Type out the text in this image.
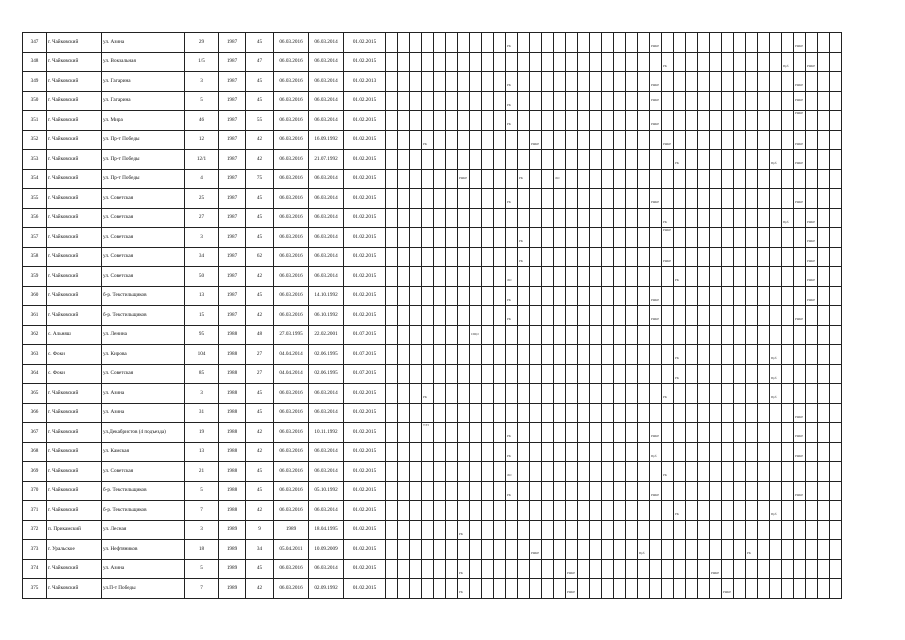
347	г. Чайковский	ул. Азина	29	1987	45	06.03.2016	06.03.2014	01.02.2015											РК												РФКР												РФКР			

348	г. Чайковский	ул. Вокзальная	1/5	1987	47	06.03.2016	06.03.2014	01.02.2015																								РК										Прб		РФКР		

349	г. Чайковский	ул. Гагарина	3	1987	45	06.03.2016	06.03.2014	01.02.2013											РК												РФКР												РФКР			

350	г. Чайковский	ул. Гагарина	5	1987	45	06.03.2016	06.03.2014	01.02.2015											РК												РФКР												РФКР			

351	г. Чайковский	ул. Мира	46	1987	55	06.03.2016	06.03.2014	01.02.2015											РК												РФКР												РФКР			

352	г. Чайковский	ул. Пр-т Победы	12	1987	42	06.03.2016	16.09.1992	01.02.2015				РК									РФКР											РФКР											РФКР			

353	г. Чайковский	ул. Пр-т Победы	12/1	1987	42	06.03.2016	21.07.1992	01.02.2015																									РК								Прб		РФКР			

354	г. Чайковский	ул. Пр-т Победы	4	1987	75	06.03.2016	06.03.2014	01.02.2015							РФКР					РК			ЛО																							

355	г. Чайковский	ул. Советская	25	1987	45	06.03.2016	06.03.2014	01.02.2015											РК												РФКР												РФКР			

356	г. Чайковский	ул. Советская	27	1987	45	06.03.2016	06.03.2014	01.02.2015																								РК										Прб		РФКР		

357	г. Чайковский	ул. Советская	3	1987	45	06.03.2016	06.03.2014	01.02.2015												РК												РФКР												РФКР		

358	г. Чайковский	ул. Советская	34	1987	62	06.03.2016	06.03.2014	01.02.2015												РК												РФКР												РФКР		

359	г. Чайковский	ул. Советская	50	1987	42	06.03.2016	06.03.2014	01.02.2015											ЛО														РК											РФКР		

360	г. Чайковский	б-р. Текстильщиков	13	1987	45	06.03.2016	14.10.1992	01.02.2015											РК												РФКР													РФКР		

361	г. Чайковский	б-р. Текстильщиков	15	1987	42	06.03.2016	06.10.1992	01.02.2015											РК												РФКР												РФКР			

362	с. Альняш	ул. Ленина	95	1988	48	27.03.1995	22.02.2001	01.07.2015								СЩО																														

363	с. Фоки	ул. Кирова	104	1988	27	04.04.2014	02.06.1995	01.07.2015																									РК								Прб					

364	с. Фоки	ул. Советская	85	1988	27	04.04.2014	02.06.1995	01.07.2015																									РК								Прб					

365	г. Чайковский	ул. Азина	3	1988	45	06.03.2016	06.03.2014	01.02.2015				РК																				РК									Прб					

366	г. Чайковский	ул. Азина	31	1988	45	06.03.2016	06.03.2014	01.02.2015																																			РФКР			

367	г. Чайковский	ул.Декабристов (4 подъезда)	19	1988	42	06.03.2016	10.11.1992	01.02.2015				ТЭЗ							РК												РФКР												РФКР			

368	г. Чайковский	ул. Камская	13	1988	42	06.03.2016	06.03.2014	01.02.2015											РК												Прб												РФКР			

369	г. Чайковский	ул. Советская	21	1988	45	06.03.2016	06.03.2014	01.02.2015											ЛО													РК														

370	г. Чайковский	б-р. Текстильщиков	5	1988	45	06.03.2016	05.10.1992	01.02.2015											РК												РФКР												РФКР			

371	г. Чайковский	б-р. Текстильщиков	7	1988	42	06.03.2016	06.03.2014	01.02.2015																									РК								Прб					

372	п. Прикамский	ул. Лесная	3	1989	9	1989	18.04.1995	01.02.2015							РК																															

373	г. Уральское	ул. Нефтяников	18	1989	34	05.04.2011	10.09.2009	01.02.2015													РФКР									Прб									РК							

374	г. Чайковский	ул. Азина	5	1989	45	06.03.2016	06.03.2014	01.02.2015							РК									РФКР												РФКР										

375	г. Чайковский	ул.П-т Победы	7	1989	42	06.03.2016	02.09.1992	01.02.2015							РК									РФКР													РФКР									
